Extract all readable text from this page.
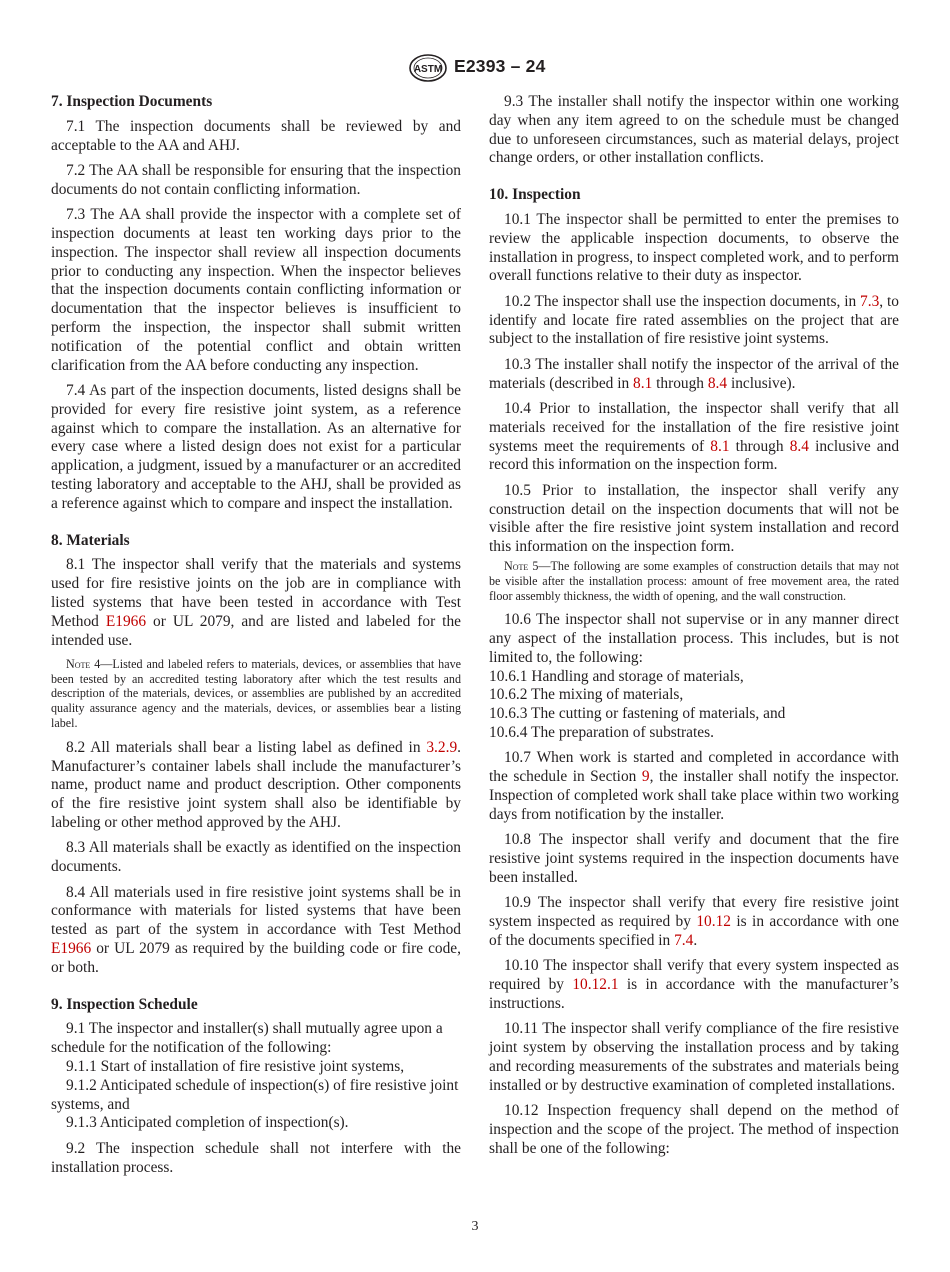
ASTM E2393 – 24
7. Inspection Documents

7.1 The inspection documents shall be reviewed by and acceptable to the AA and AHJ.

7.2 The AA shall be responsible for ensuring that the inspection documents do not contain conflicting information.

7.3 The AA shall provide the inspector with a complete set of inspection documents at least ten working days prior to the inspection. The inspector shall review all inspection documents prior to conducting any inspection. When the inspector believes that the inspection documents contain conflicting information or documentation that the inspector believes is insufficient to perform the inspection, the inspector shall submit written notification of the potential conflict and obtain written clarification from the AA before conducting any inspection.

7.4 As part of the inspection documents, listed designs shall be provided for every fire resistive joint system, as a reference against which to compare the installation. As an alternative for every case where a listed design does not exist for a particular application, a judgment, issued by a manufacturer or an accredited testing laboratory and acceptable to the AHJ, shall be provided as a reference against which to compare and inspect the installation.

8. Materials

8.1 The inspector shall verify that the materials and systems used for fire resistive joints on the job are in compliance with listed systems that have been tested in accordance with Test Method E1966 or UL 2079, and are listed and labeled for the intended use.

Note 4—Listed and labeled refers to materials, devices, or assemblies that have been tested by an accredited testing laboratory after which the test results and description of the materials, devices, or assemblies are published by an accredited quality assurance agency and the materials, devices, or assemblies bear a listing label.

8.2 All materials shall bear a listing label as defined in 3.2.9. Manufacturer’s container labels shall include the manufacturer’s name, product name and product description. Other components of the fire resistive joint system shall also be identifiable by labeling or other method approved by the AHJ.

8.3 All materials shall be exactly as identified on the inspection documents.

8.4 All materials used in fire resistive joint systems shall be in conformance with materials for listed systems that have been tested as part of the system in accordance with Test Method E1966 or UL 2079 as required by the building code or fire code, or both.

9. Inspection Schedule

9.1 The inspector and installer(s) shall mutually agree upon a schedule for the notification of the following:

9.1.1 Start of installation of fire resistive joint systems,

9.1.2 Anticipated schedule of inspection(s) of fire resistive joint systems, and

9.1.3 Anticipated completion of inspection(s).

9.2 The inspection schedule shall not interfere with the installation process.

9.3 The installer shall notify the inspector within one working day when any item agreed to on the schedule must be changed due to unforeseen circumstances, such as material delays, project change orders, or other installation conflicts.

10. Inspection

10.1 The inspector shall be permitted to enter the premises to review the applicable inspection documents, to observe the installation in progress, to inspect completed work, and to perform overall functions relative to their duty as inspector.

10.2 The inspector shall use the inspection documents, in 7.3, to identify and locate fire rated assemblies on the project that are subject to the installation of fire resistive joint systems.

10.3 The installer shall notify the inspector of the arrival of the materials (described in 8.1 through 8.4 inclusive).

10.4 Prior to installation, the inspector shall verify that all materials received for the installation of the fire resistive joint systems meet the requirements of 8.1 through 8.4 inclusive and record this information on the inspection form.

10.5 Prior to installation, the inspector shall verify any construction detail on the inspection documents that will not be visible after the fire resistive joint system installation and record this information on the inspection form.

Note 5—The following are some examples of construction details that may not be visible after the installation process: amount of free movement area, the rated floor assembly thickness, the width of opening, and the wall construction.

10.6 The inspector shall not supervise or in any manner direct any aspect of the installation process. This includes, but is not limited to, the following:

10.6.1 Handling and storage of materials,

10.6.2 The mixing of materials,

10.6.3 The cutting or fastening of materials, and

10.6.4 The preparation of substrates.

10.7 When work is started and completed in accordance with the schedule in Section 9, the installer shall notify the inspector. Inspection of completed work shall take place within two working days from notification by the installer.

10.8 The inspector shall verify and document that the fire resistive joint systems required in the inspection documents have been installed.

10.9 The inspector shall verify that every fire resistive joint system inspected as required by 10.12 is in accordance with one of the documents specified in 7.4.

10.10 The inspector shall verify that every system inspected as required by 10.12.1 is in accordance with the manufacturer’s instructions.

10.11 The inspector shall verify compliance of the fire resistive joint system by observing the installation process and by taking and recording measurements of the substrates and materials being installed or by destructive examination of completed installations.

10.12 Inspection frequency shall depend on the method of inspection and the scope of the project. The method of inspection shall be one of the following:

3
